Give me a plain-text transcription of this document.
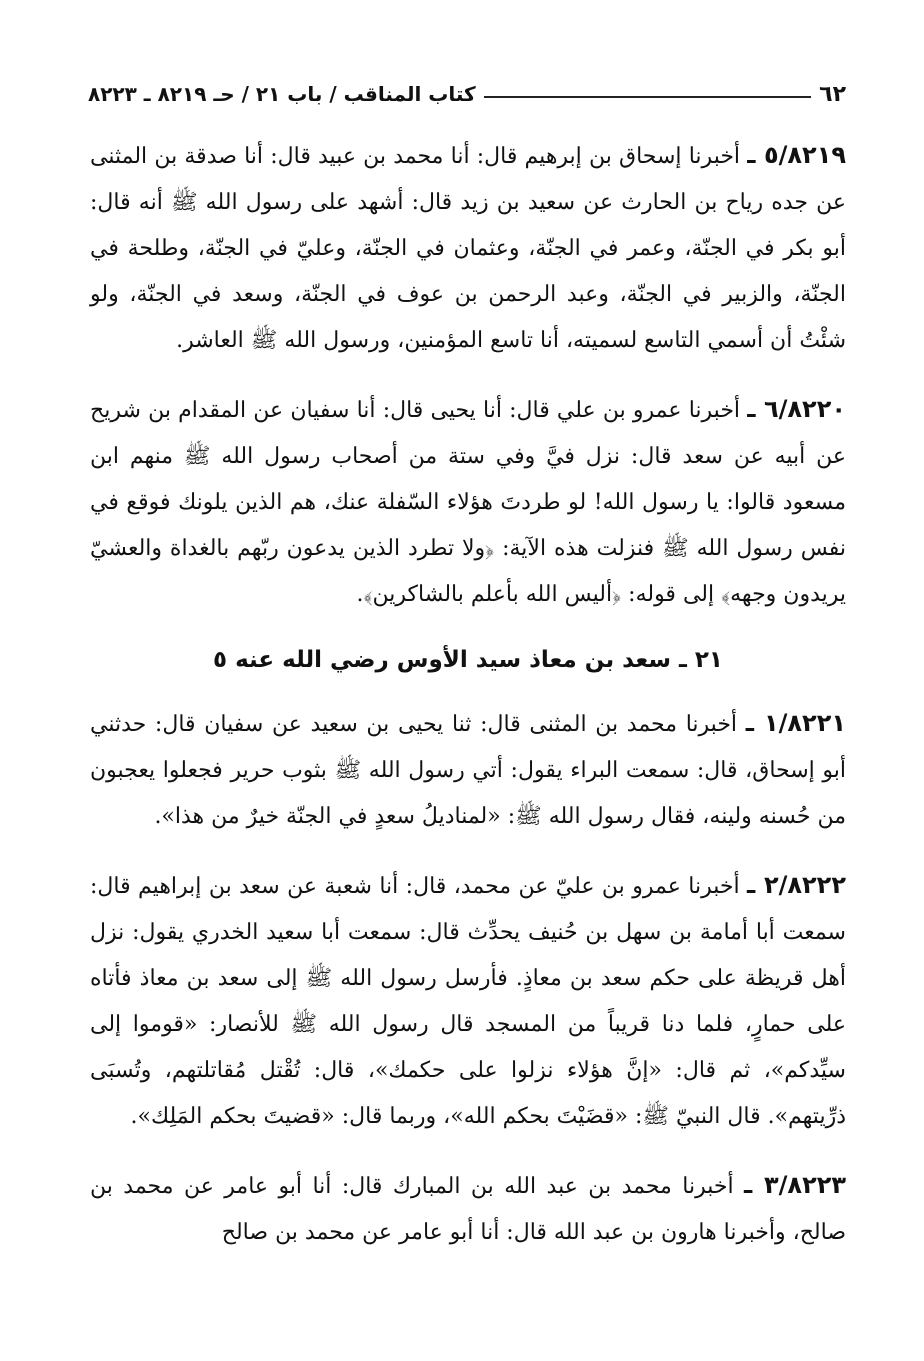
٦٢
كتاب المناقب / باب ٢١ / حـ ٨٢١٩ ـ ٨٢٢٣

٥/٨٢١٩ ـ أخبرنا إسحاق بن إبرهيم قال: أنا محمد بن عبيد قال: أنا صدقة بن المثنى عن جده رياح بن الحارث عن سعيد بن زيد قال: أشهد على رسول الله ﷺ أنه قال: أبو بكر في الجنّة، وعمر في الجنّة، وعثمان في الجنّة، وعليّ في الجنّة، وطلحة في الجنّة، والزبير في الجنّة، وعبد الرحمن بن عوف في الجنّة، وسعد في الجنّة، ولو شئْتُ أن أسمي التاسع لسميته، أنا تاسع المؤمنين، ورسول الله ﷺ العاشر.

٦/٨٢٢٠ ـ أخبرنا عمرو بن علي قال: أنا يحيى قال: أنا سفيان عن المقدام بن شريح عن أبيه عن سعد قال: نزل فيَّ وفي ستة من أصحاب رسول الله ﷺ منهم ابن مسعود قالوا: يا رسول الله! لو طردتَ هؤلاء السّفلة عنك، هم الذين يلونك فوقع في نفس رسول الله ﷺ فنزلت هذه الآية: ﴿ولا تطرد الذين يدعون ربّهم بالغداة والعشيّ يريدون وجهه﴾ إلى قوله: ﴿أليس الله بأعلم بالشاكرين﴾.

٢١ ـ سعد بن معاذ سيد الأوس رضي الله عنه ٥

١/٨٢٢١ ـ أخبرنا محمد بن المثنى قال: ثنا يحيى بن سعيد عن سفيان قال: حدثني أبو إسحاق، قال: سمعت البراء يقول: أتي رسول الله ﷺ بثوب حرير فجعلوا يعجبون من حُسنه ولينه، فقال رسول الله ﷺ: «لمناديلُ سعدٍ في الجنّة خيرٌ من هذا».

٢/٨٢٢٢ ـ أخبرنا عمرو بن عليّ عن محمد، قال: أنا شعبة عن سعد بن إبراهيم قال: سمعت أبا أمامة بن سهل بن حُنيف يحدِّث قال: سمعت أبا سعيد الخدري يقول: نزل أهل قريظة على حكم سعد بن معاذٍ. فأرسل رسول الله ﷺ إلى سعد بن معاذ فأتاه على حمارٍ، فلما دنا قريباً من المسجد قال رسول الله ﷺ للأنصار: «قوموا إلى سيِّدكم»، ثم قال: «إنَّ هؤلاء نزلوا على حكمك»، قال: تُقْتل مُقاتلتهم، وتُسبَى ذرِّيتهم». قال النبيّ ﷺ: «قضَيْتَ بحكم الله»، وربما قال: «قضيتَ بحكم المَلِك».

٣/٨٢٢٣ ـ أخبرنا محمد بن عبد الله بن المبارك قال: أنا أبو عامر عن محمد بن صالح، وأخبرنا هارون بن عبد الله قال: أنا أبو عامر عن محمد بن صالح
